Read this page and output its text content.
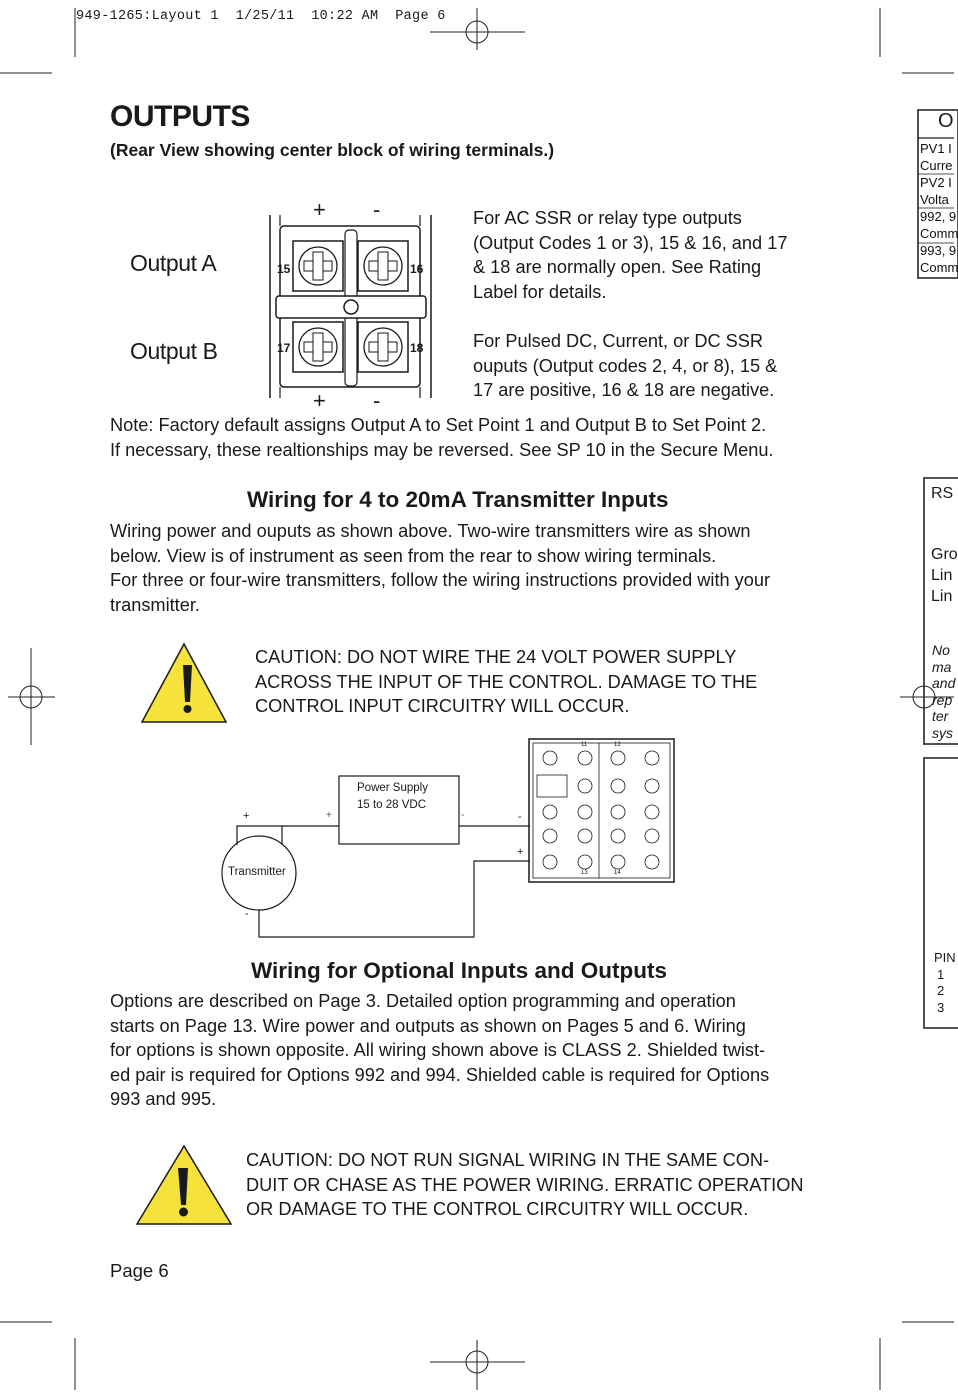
949-1265:Layout 1  1/25/11  10:22 AM  Page 6
OUTPUTS
(Rear View showing center block of wiring terminals.)
Output A
Output B
15	16
17	18
+ -
+ -
For AC SSR or relay type outputs
(Output Codes 1 or 3), 15 & 16, and 17
& 18 are normally open. See Rating
Label for details.
For Pulsed DC, Current, or DC SSR
ouputs (Output codes 2, 4, or 8), 15 &
17 are positive, 16 & 18 are negative.
Note: Factory default assigns Output A to Set Point 1 and Output B to Set Point 2.
If necessary, these realtionships may be reversed. See SP 10 in the Secure Menu.
Wiring for 4 to 20mA Transmitter Inputs
Wiring power and ouputs as shown above. Two-wire transmitters wire as shown
below. View is of instrument as seen from the rear to show wiring terminals.
For three or four-wire transmitters, follow the wiring instructions provided with your
transmitter.
CAUTION: DO NOT WIRE THE 24 VOLT POWER SUPPLY
ACROSS THE INPUT OF THE CONTROL. DAMAGE TO THE
CONTROL INPUT CIRCUITRY WILL OCCUR.
Power Supply
15 to 28 VDC
Transmitter
+
-
+	-	-
+
11	12
13	14
Wiring for Optional Inputs and Outputs
Options are described on Page 3. Detailed option programming and operation
starts on Page 13. Wire power and outputs as shown on Pages 5 and 6. Wiring
for options is shown opposite. All wiring shown above is CLASS 2. Shielded twist-
ed pair is required for Options 992 and 994. Shielded cable is required for Options
993 and 995.
CAUTION: DO NOT RUN SIGNAL WIRING IN THE SAME CON-
DUIT OR CHASE AS THE POWER WIRING. ERRATIC OPERATION
OR DAMAGE TO THE CONTROL CIRCUITRY WILL OCCUR.
Page 6
O
PV1 I
Curre
PV2 I
Volta
992, 9
Comm
993, 9
Comm
RS
Gro
Lin
Lin
No
ma
and
rep
ter
sys
PIN
1
2
3
